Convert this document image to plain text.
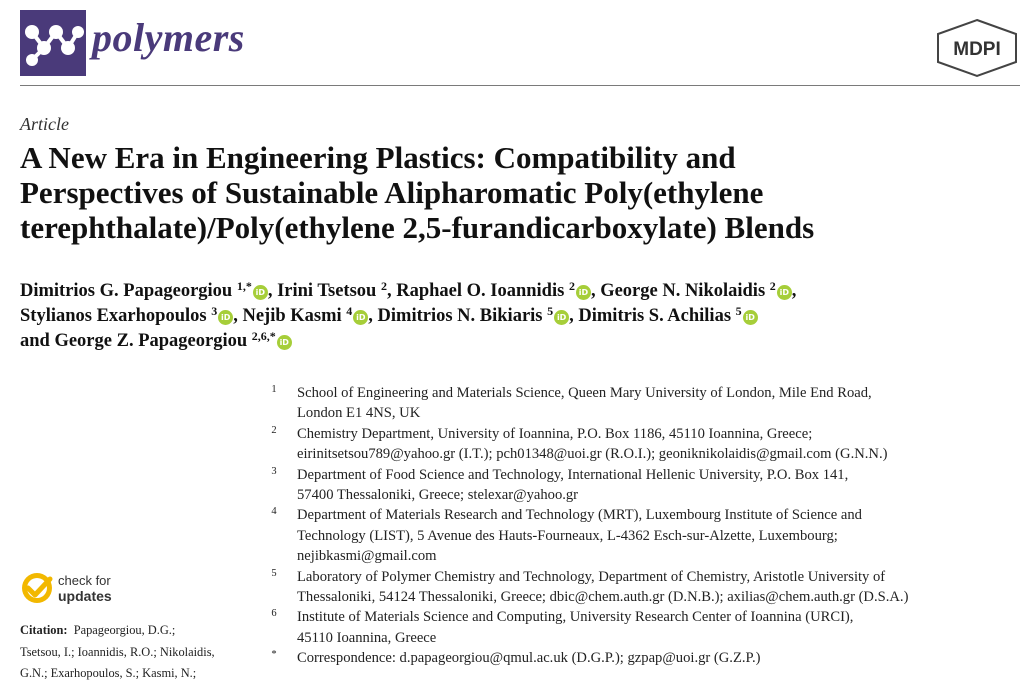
polymers	MDPI
Article
A New Era in Engineering Plastics: Compatibility and
Perspectives of Sustainable Alipharomatic Poly(ethylene
terephthalate)/Poly(ethylene 2,5-furandicarboxylate) Blends
Dimitrios G. Papageorgiou $^{1,*}$ iD , Irini Tsetsou $^2$, Raphael O. Ioannidis $^2$ iD , George N. Nikolaidis $^2$ iD ,
Stylianos Exarhopoulos $^3$ iD , Nejib Kasmi $^4$ iD , Dimitrios N. Bikiaris $^5$ iD , Dimitris S. Achilias $^5$ iD
and George Z. Papageorgiou $^{2,6,*}$ iD
1 School of Engineering and Materials Science, Queen Mary University of London, Mile End Road,
London E1 4NS, UK
2 Chemistry Department, University of Ioannina, P.O. Box 1186, 45110 Ioannina, Greece;
eirinitsetsou789@yahoo.gr (I.T.); pch01348@uoi.gr (R.O.I.); geoniknikolaidis@gmail.com (G.N.N.)
3 Department of Food Science and Technology, International Hellenic University, P.O. Box 141,
57400 Thessaloniki, Greece; stelexar@yahoo.gr
4 Department of Materials Research and Technology (MRT), Luxembourg Institute of Science and
Technology (LIST), 5 Avenue des Hauts-Fourneaux, L-4362 Esch-sur-Alzette, Luxembourg;
nejibkasmi@gmail.com
5 Laboratory of Polymer Chemistry and Technology, Department of Chemistry, Aristotle University of
Thessaloniki, 54124 Thessaloniki, Greece; dbic@chem.auth.gr (D.N.B.); axilias@chem.auth.gr (D.S.A.)
6 Institute of Materials Science and Computing, University Research Center of Ioannina (URCI),
45110 Ioannina, Greece
* Correspondence: d.papageorgiou@qmul.ac.uk (D.G.P.); gzpap@uoi.gr (G.Z.P.)
check for
updates
Citation: Papageorgiou, D.G.;
Tsetsou, I.; Ioannidis, R.O.; Nikolaidis,
G.N.; Exarhopoulos, S.; Kasmi, N.;
